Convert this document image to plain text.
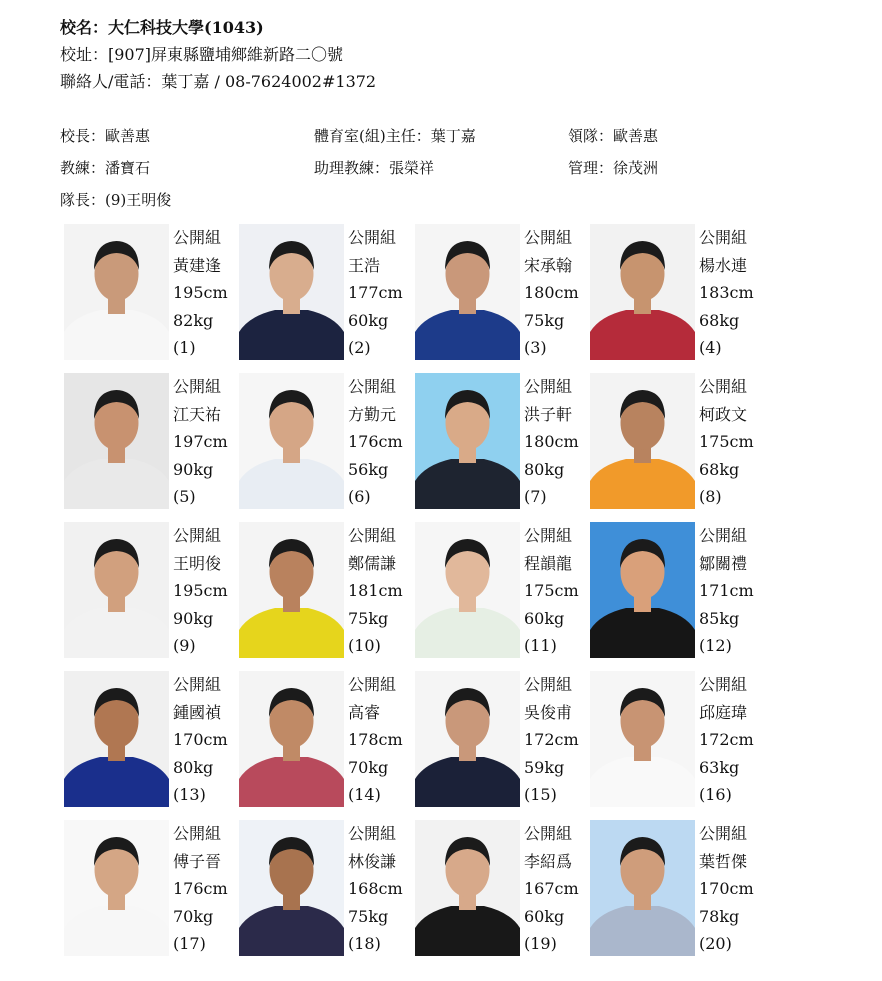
校名：大仁科技大學(1043)
校址：[907]屏東縣鹽埔鄉維新路二〇號
聯絡人/電話：葉丁嘉 / 08-7624002#1372
校長：歐善惠	體育室(組)主任：葉丁嘉	領隊：歐善惠
教練：潘寶石	助理教練：張榮祥	管理：徐茂洲
隊長：(9)王明俊
公開組
黃建逢
195cm
82kg
(1)
公開組
王浩
177cm
60kg
(2)
公開組
宋承翰
180cm
75kg
(3)
公開組
楊水連
183cm
68kg
(4)
公開組
江天祐
197cm
90kg
(5)
公開組
方勤元
176cm
56kg
(6)
公開組
洪子軒
180cm
80kg
(7)
公開組
柯政文
175cm
68kg
(8)
公開組
王明俊
195cm
90kg
(9)
公開組
鄭儒謙
181cm
75kg
(10)
公開組
程韻龍
175cm
60kg
(11)
公開組
鄒關禮
171cm
85kg
(12)
公開組
鍾國禎
170cm
80kg
(13)
公開組
高睿
178cm
70kg
(14)
公開組
吳俊甫
172cm
59kg
(15)
公開組
邱庭瑋
172cm
63kg
(16)
公開組
傅子晉
176cm
70kg
(17)
公開組
林俊謙
168cm
75kg
(18)
公開組
李紹爲
167cm
60kg
(19)
公開組
葉哲傑
170cm
78kg
(20)
